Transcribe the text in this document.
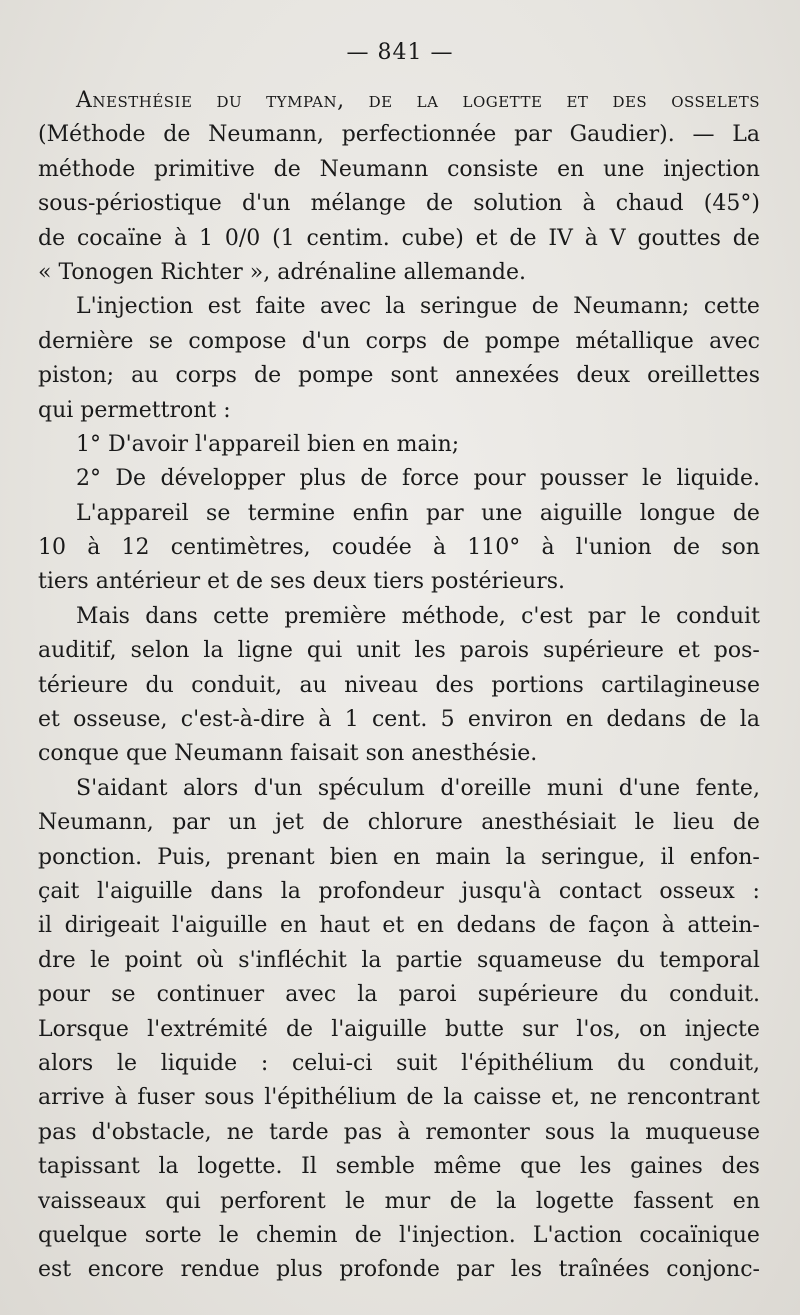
— 841 —
Anesthésie du tympan, de la logette et des osselets
(Méthode de Neumann, perfectionnée par Gaudier). — La
méthode primitive de Neumann consiste en une injection
sous-périostique d'un mélange de solution à chaud (45°)
de cocaïne à 1 0/0 (1 centim. cube) et de IV à V gouttes de
« Tonogen Richter », adrénaline allemande.
L'injection est faite avec la seringue de Neumann; cette
dernière se compose d'un corps de pompe métallique avec
piston; au corps de pompe sont annexées deux oreillettes
qui permettront :
1° D'avoir l'appareil bien en main;
2° De développer plus de force pour pousser le liquide.
L'appareil se termine enfin par une aiguille longue de
10 à 12 centimètres, coudée à 110° à l'union de son
tiers antérieur et de ses deux tiers postérieurs.
Mais dans cette première méthode, c'est par le conduit
auditif, selon la ligne qui unit les parois supérieure et pos-
térieure du conduit, au niveau des portions cartilagineuse
et osseuse, c'est-à-dire à 1 cent. 5 environ en dedans de la
conque que Neumann faisait son anesthésie.
S'aidant alors d'un spéculum d'oreille muni d'une fente,
Neumann, par un jet de chlorure anesthésiait le lieu de
ponction. Puis, prenant bien en main la seringue, il enfon-
çait l'aiguille dans la profondeur jusqu'à contact osseux :
il dirigeait l'aiguille en haut et en dedans de façon à attein-
dre le point où s'infléchit la partie squameuse du temporal
pour se continuer avec la paroi supérieure du conduit.
Lorsque l'extrémité de l'aiguille butte sur l'os, on injecte
alors le liquide : celui-ci suit l'épithélium du conduit,
arrive à fuser sous l'épithélium de la caisse et, ne rencontrant
pas d'obstacle, ne tarde pas à remonter sous la muqueuse
tapissant la logette. Il semble même que les gaines des
vaisseaux qui perforent le mur de la logette fassent en
quelque sorte le chemin de l'injection. L'action cocaïnique
est encore rendue plus profonde par les traînées conjonc-
